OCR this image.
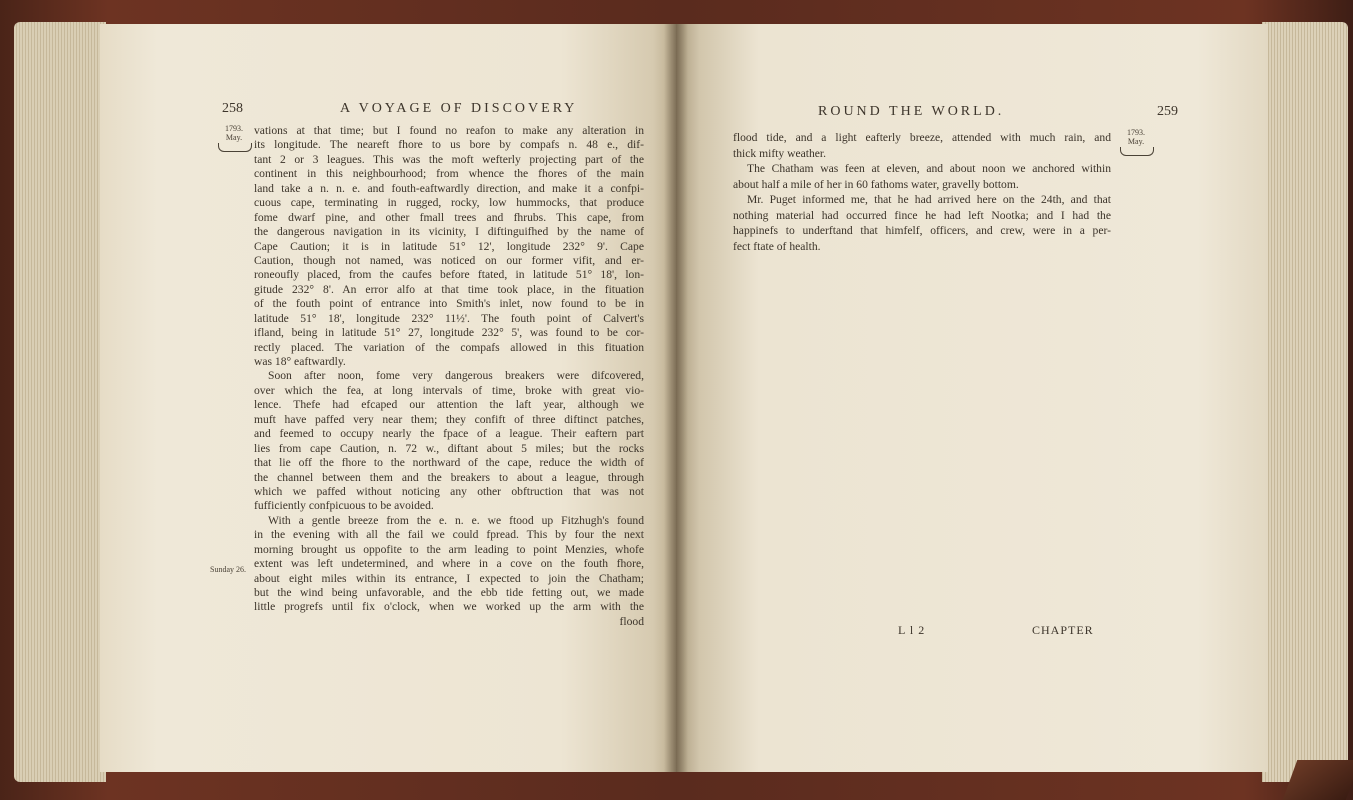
258	A VOYAGE OF DISCOVERY
1793.
May.
Sunday 26.
vations at that time; but I found no reafon to make any alteration in
its longitude. The neareft fhore to us bore by compafs n. 48 e., dif-
tant 2 or 3 leagues. This was the moft wefterly projecting part of the
continent in this neighbourhood; from whence the fhores of the main
land take a n. n. e. and fouth-eaftwardly direction, and make it a confpi-
cuous cape, terminating in rugged, rocky, low hummocks, that produce
fome dwarf pine, and other fmall trees and fhrubs. This cape, from
the dangerous navigation in its vicinity, I diftinguifhed by the name of
Cape Caution; it is in latitude 51° 12', longitude 232° 9'. Cape
Caution, though not named, was noticed on our former vifit, and er-
roneoufly placed, from the caufes before ftated, in latitude 51° 18', lon-
gitude 232° 8'. An error alfo at that time took place, in the fituation
of the fouth point of entrance into Smith's inlet, now found to be in
latitude 51° 18', longitude 232° 11½'. The fouth point of Calvert's
ifland, being in latitude 51° 27, longitude 232° 5', was found to be cor-
rectly placed. The variation of the compafs allowed in this fituation
was 18° eaftwardly.
Soon after noon, fome very dangerous breakers were difcovered,
over which the fea, at long intervals of time, broke with great vio-
lence. Thefe had efcaped our attention the laft year, although we
muft have paffed very near them; they confift of three diftinct patches,
and feemed to occupy nearly the fpace of a league. Their eaftern part
lies from cape Caution, n. 72 w., diftant about 5 miles; but the rocks
that lie off the fhore to the northward of the cape, reduce the width of
the channel between them and the breakers to about a league, through
which we paffed without noticing any other obftruction that was not
fufficiently confpicuous to be avoided.
With a gentle breeze from the e. n. e. we ftood up Fitzhugh's found
in the evening with all the fail we could fpread. This by four the next
morning brought us oppofite to the arm leading to point Menzies, whofe
extent was left undetermined, and where in a cove on the fouth fhore,
about eight miles within its entrance, I expected to join the Chatham;
but the wind being unfavorable, and the ebb tide fetting out, we made
little progrefs until fix o'clock, when we worked up the arm with the
flood
ROUND THE WORLD.	259
1793.
May.
flood tide, and a light eafterly breeze, attended with much rain, and
thick mifty weather.
The Chatham was feen at eleven, and about noon we anchored within
about half a mile of her in 60 fathoms water, gravelly bottom.
Mr. Puget informed me, that he had arrived here on the 24th, and that
nothing material had occurred fince he had left Nootka; and I had the
happinefs to underftand that himfelf, officers, and crew, were in a per-
fect ftate of health.
L l 2	CHAPTER
